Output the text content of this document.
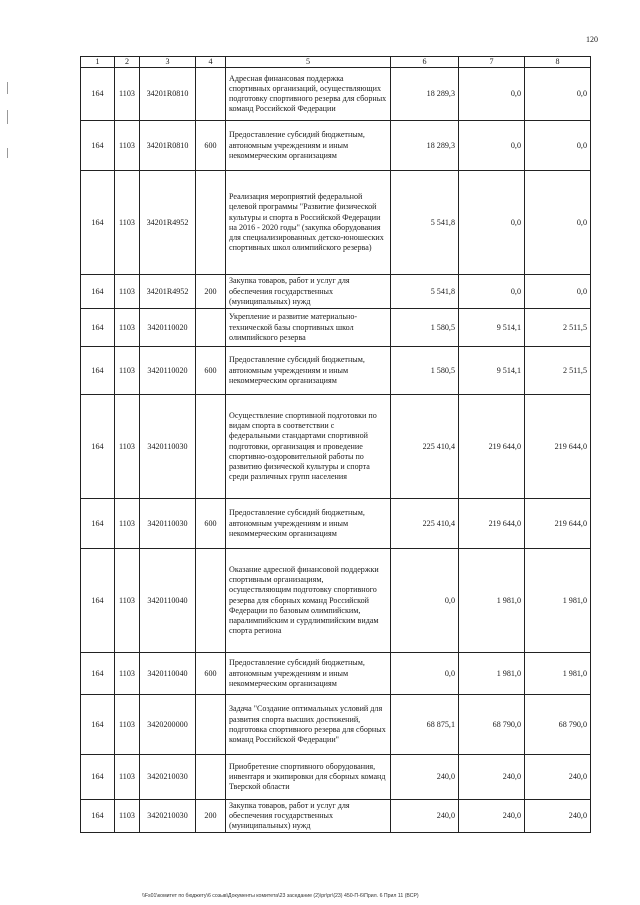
120
1	2	3	4	5	6	7	8
164	1103	34201R0810		Адресная финансовая поддержка спортивных организаций, осуществляющих подготовку спортивного резерва для сборных команд Российской Федерации	18 289,3	0,0	0,0
164	1103	34201R0810	600	Предоставление субсидий бюджетным, автономным учреждениям и иным некоммерческим организациям	18 289,3	0,0	0,0
164	1103	34201R4952		Реализация мероприятий федеральной целевой программы "Развитие физической культуры и спорта в Российской Федерации на 2016 - 2020 годы" (закупка оборудования для специализированных детско-юношеских спортивных школ олимпийского резерва)	5 541,8	0,0	0,0
164	1103	34201R4952	200	Закупка товаров, работ и услуг для обеспечения государственных (муниципальных) нужд	5 541,8	0,0	0,0
164	1103	3420110020		Укрепление и развитие материально-технической базы спортивных школ олимпийского резерва	1 580,5	9 514,1	2 511,5
164	1103	3420110020	600	Предоставление субсидий бюджетным, автономным учреждениям и иным некоммерческим организациям	1 580,5	9 514,1	2 511,5
164	1103	3420110030		Осуществление спортивной подготовки по видам спорта в соответствии с федеральными стандартами спортивной подготовки, организация и проведение спортивно-оздоровительной работы по развитию физической культуры и спорта среди различных групп населения	225 410,4	219 644,0	219 644,0
164	1103	3420110030	600	Предоставление субсидий бюджетным, автономным учреждениям и иным некоммерческим организациям	225 410,4	219 644,0	219 644,0
164	1103	3420110040		Оказание адресной финансовой поддержки спортивным организациям, осуществляющим подготовку спортивного резерва для сборных команд Российской Федерации по базовым олимпийским, паралимпийским и сурдлимпийским видам спорта региона	0,0	1 981,0	1 981,0
164	1103	3420110040	600	Предоставление субсидий бюджетным, автономным учреждениям и иным некоммерческим организациям	0,0	1 981,0	1 981,0
164	1103	3420200000		Задача "Создание оптимальных условий для развития спорта высших достижений, подготовка спортивного резерва для сборных команд Российской Федерации"	68 875,1	68 790,0	68 790,0
164	1103	3420210030		Приобретение спортивного оборудования, инвентаря и экипировки для сборных команд Тверской области	240,0	240,0	240,0
164	1103	3420210030	200	Закупка товаров, работ и услуг для обеспечения государственных (муниципальных) нужд	240,0	240,0	240,0
\\Fs01\комитет по бюджету\6 созыв\Документы комитета\23 заседание (2)\pr\pr\(23) 450-П-6\Прил. 6 Прил 11 (ВСР)
